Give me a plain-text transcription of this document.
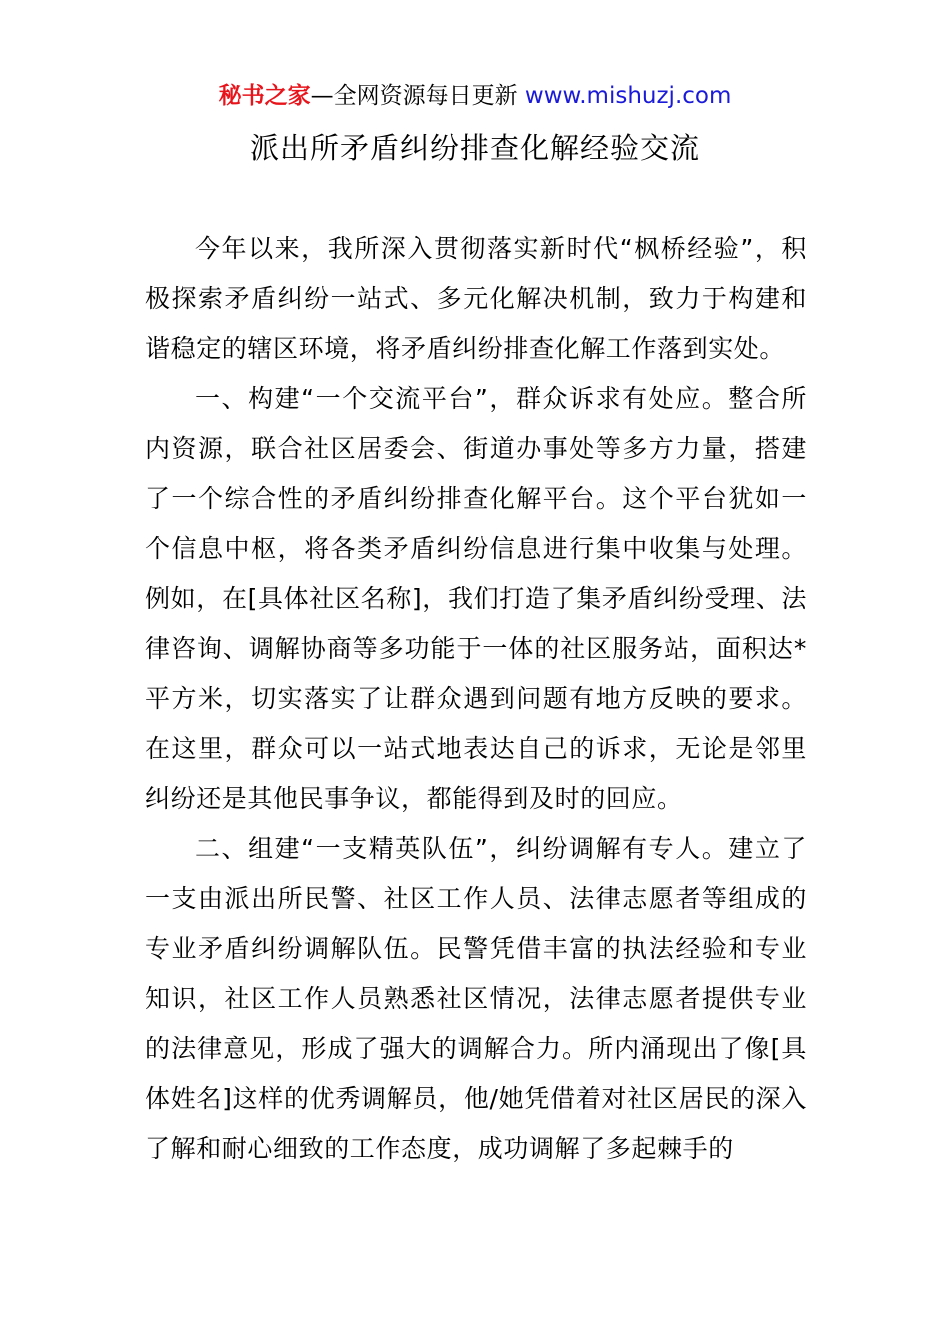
秘书之家—全网资源每日更新 www.mishuzj.com
派出所矛盾纠纷排查化解经验交流

今年以来，我所深入贯彻落实新时代“枫桥经验”，积极探索矛盾纠纷一站式、多元化解决机制，致力于构建和谐稳定的辖区环境，将矛盾纠纷排查化解工作落到实处。

一、构建“一个交流平台”，群众诉求有处应。整合所内资源，联合社区居委会、街道办事处等多方力量，搭建了一个综合性的矛盾纠纷排查化解平台。这个平台犹如一个信息中枢，将各类矛盾纠纷信息进行集中收集与处理。例如，在[具体社区名称]，我们打造了集矛盾纠纷受理、法律咨询、调解协商等多功能于一体的社区服务站，面积达*平方米，切实落实了让群众遇到问题有地方反映的要求。在这里，群众可以一站式地表达自己的诉求，无论是邻里纠纷还是其他民事争议，都能得到及时的回应。

二、组建“一支精英队伍”，纠纷调解有专人。建立了一支由派出所民警、社区工作人员、法律志愿者等组成的专业矛盾纠纷调解队伍。民警凭借丰富的执法经验和专业知识，社区工作人员熟悉社区情况，法律志愿者提供专业的法律意见，形成了强大的调解合力。所内涌现出了像[具体姓名]这样的优秀调解员，他/她凭借着对社区居民的深入了解和耐心细致的工作态度，成功调解了多起棘手的
